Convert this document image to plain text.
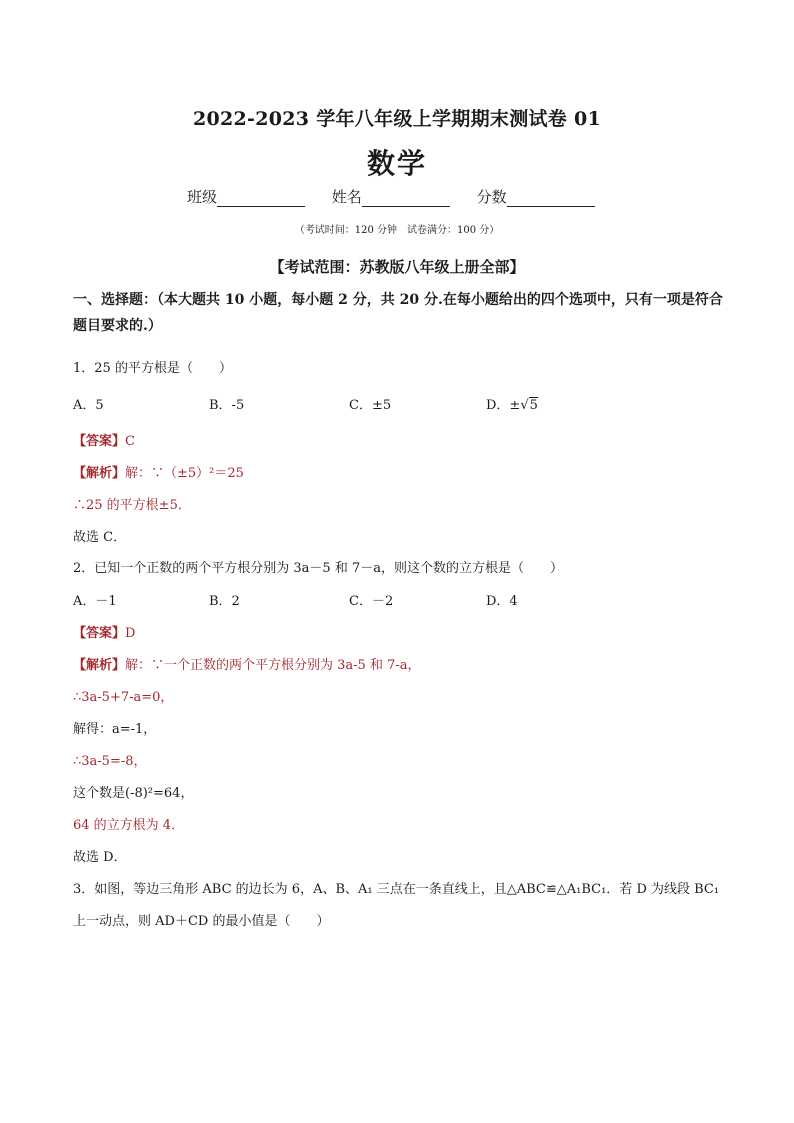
2022-2023 学年八年级上学期期末测试卷 01
数学
班级	姓名	分数
（考试时间：120 分钟　试卷满分：100 分）
【考试范围：苏教版八年级上册全部】
一、选择题：（本大题共 10 小题，每小题 2 分，共 20 分.在每小题给出的四个选项中，只有一项是符合题目要求的.）
1．25 的平方根是（　　）
A．5	B．-5	C．±5	D．±√5
【答案】C
【解析】解：∵（±5）²＝25
∴25 的平方根±5．
故选 C．
2．已知一个正数的两个平方根分别为 3a－5 和 7－a，则这个数的立方根是（　　）
A．－1	B．2	C．－2	D．4
【答案】D
【解析】解：∵一个正数的两个平方根分别为 3a-5 和 7-a，
∴3a-5+7-a=0，
解得：a=-1，
∴3a-5=-8，
这个数是(-8)²=64，
64 的立方根为 4．
故选 D．
3．如图，等边三角形 ABC 的边长为 6，A、B、A₁ 三点在一条直线上，且△ABC≌△A₁BC₁．若 D 为线段 BC₁
上一动点，则 AD＋CD 的最小值是（　　）
